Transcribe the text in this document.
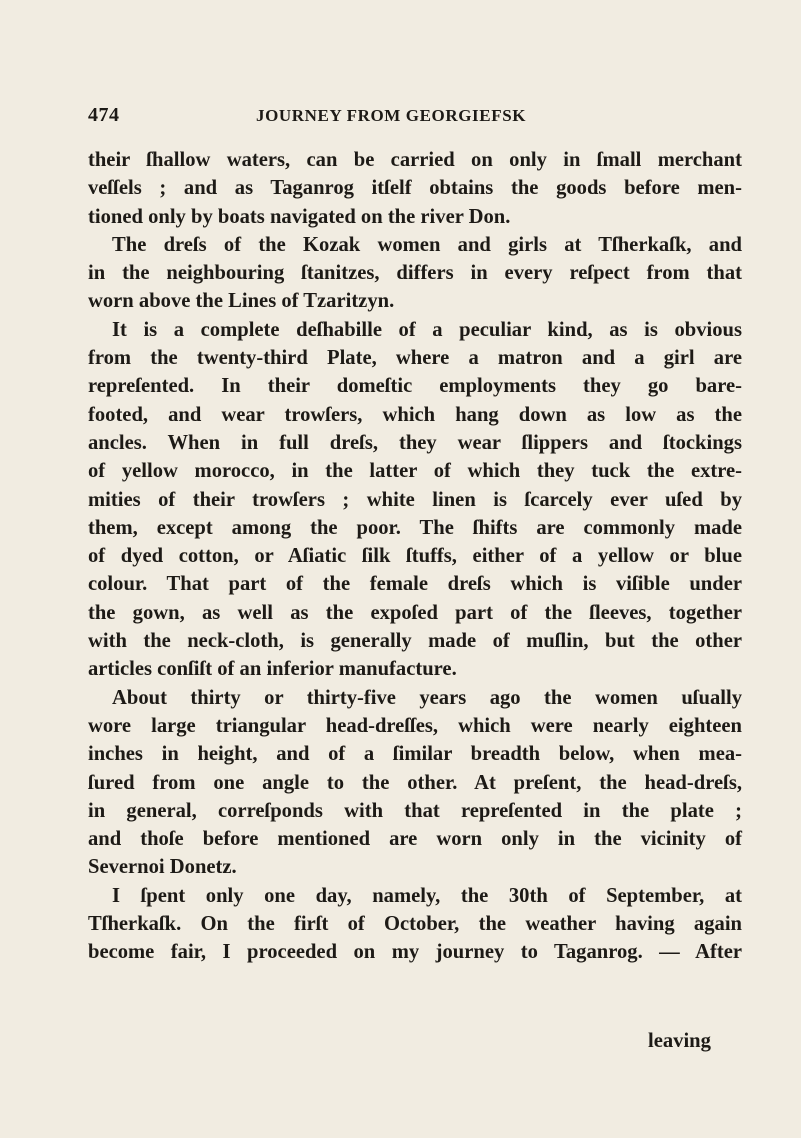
474	JOURNEY FROM GEORGIEFSK
their ſhallow waters, can be carried on only in ſmall merchant
veſſels ; and as Taganrog itſelf obtains the goods before men-
tioned only by boats navigated on the river Don.
The dreſs of the Kozak women and girls at Tſherkaſk, and
in the neighbouring ſtanitzes, differs in every reſpect from that
worn above the Lines of Tzaritzyn.
It is a complete deſhabille of a peculiar kind, as is obvious
from the twenty-third Plate, where a matron and a girl are
repreſented. In their domeſtic employments they go bare-
footed, and wear trowſers, which hang down as low as the
ancles. When in full dreſs, they wear ſlippers and ſtockings
of yellow morocco, in the latter of which they tuck the extre-
mities of their trowſers ; white linen is ſcarcely ever uſed by
them, except among the poor. The ſhifts are commonly made
of dyed cotton, or Aſiatic ſilk ſtuffs, either of a yellow or blue
colour. That part of the female dreſs which is viſible under
the gown, as well as the expoſed part of the ſleeves, together
with the neck-cloth, is generally made of muſlin, but the other
articles conſiſt of an inferior manufacture.
About thirty or thirty-five years ago the women uſually
wore large triangular head-dreſſes, which were nearly eighteen
inches in height, and of a ſimilar breadth below, when mea-
ſured from one angle to the other. At preſent, the head-dreſs,
in general, correſponds with that repreſented in the plate ;
and thoſe before mentioned are worn only in the vicinity of
Severnoi Donetz.
I ſpent only one day, namely, the 30th of September, at
Tſherkaſk. On the firſt of October, the weather having again
become fair, I proceeded on my journey to Taganrog. — After
leaving
